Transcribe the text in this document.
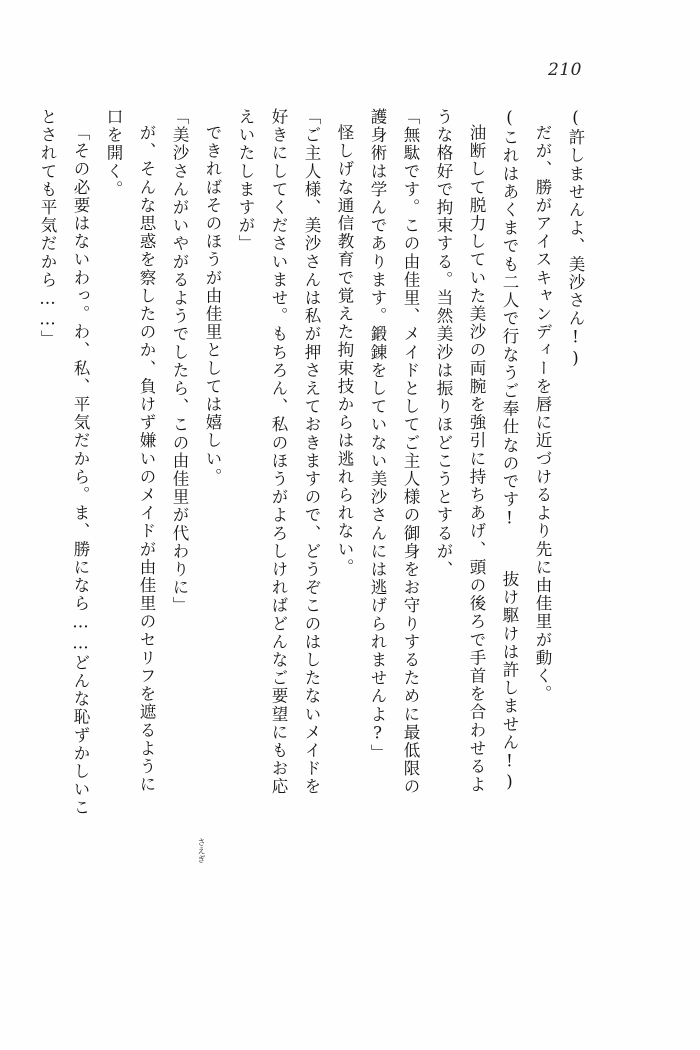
210
(許しませんよ、美沙さん!)
だが、勝がアイスキャンディーを唇に近づけるより先に由佳里が動く。
(これはあくまでも二人で行なうご奉仕なのです!  抜け駆けは許しません!)
油断して脱力していた美沙の両腕を強引に持ちあげ、頭の後ろで手首を合わせるよ
うな格好で拘束する。当然美沙は振りほどこうとするが、
「無駄です。この由佳里、メイドとしてご主人様の御身をお守りするために最低限の
護身術は学んであります。鍛錬をしていない美沙さんには逃げられませんよ?」
怪しげな通信教育で覚えた拘束技からは逃れられない。
「ご主人様、美沙さんは私が押さえておきますので、どうぞこのはしたないメイドを
好きにしてくださいませ。もちろん、私のほうがよろしければどんなご要望にもお応
えいたしますが」
できればそのほうが由佳里としては嬉しい。
「美沙さんがいやがるようでしたら、この由佳里が代わりに」
が、そんな思惑を察したのか、負けず嫌いのメイドが由佳里のセリフを遮るように
口を開く。
「その必要はないわっ。わ、私、平気だから。ま、勝になら……どんな恥ずかしいこ
とされても平気だから……」
さえぎ
